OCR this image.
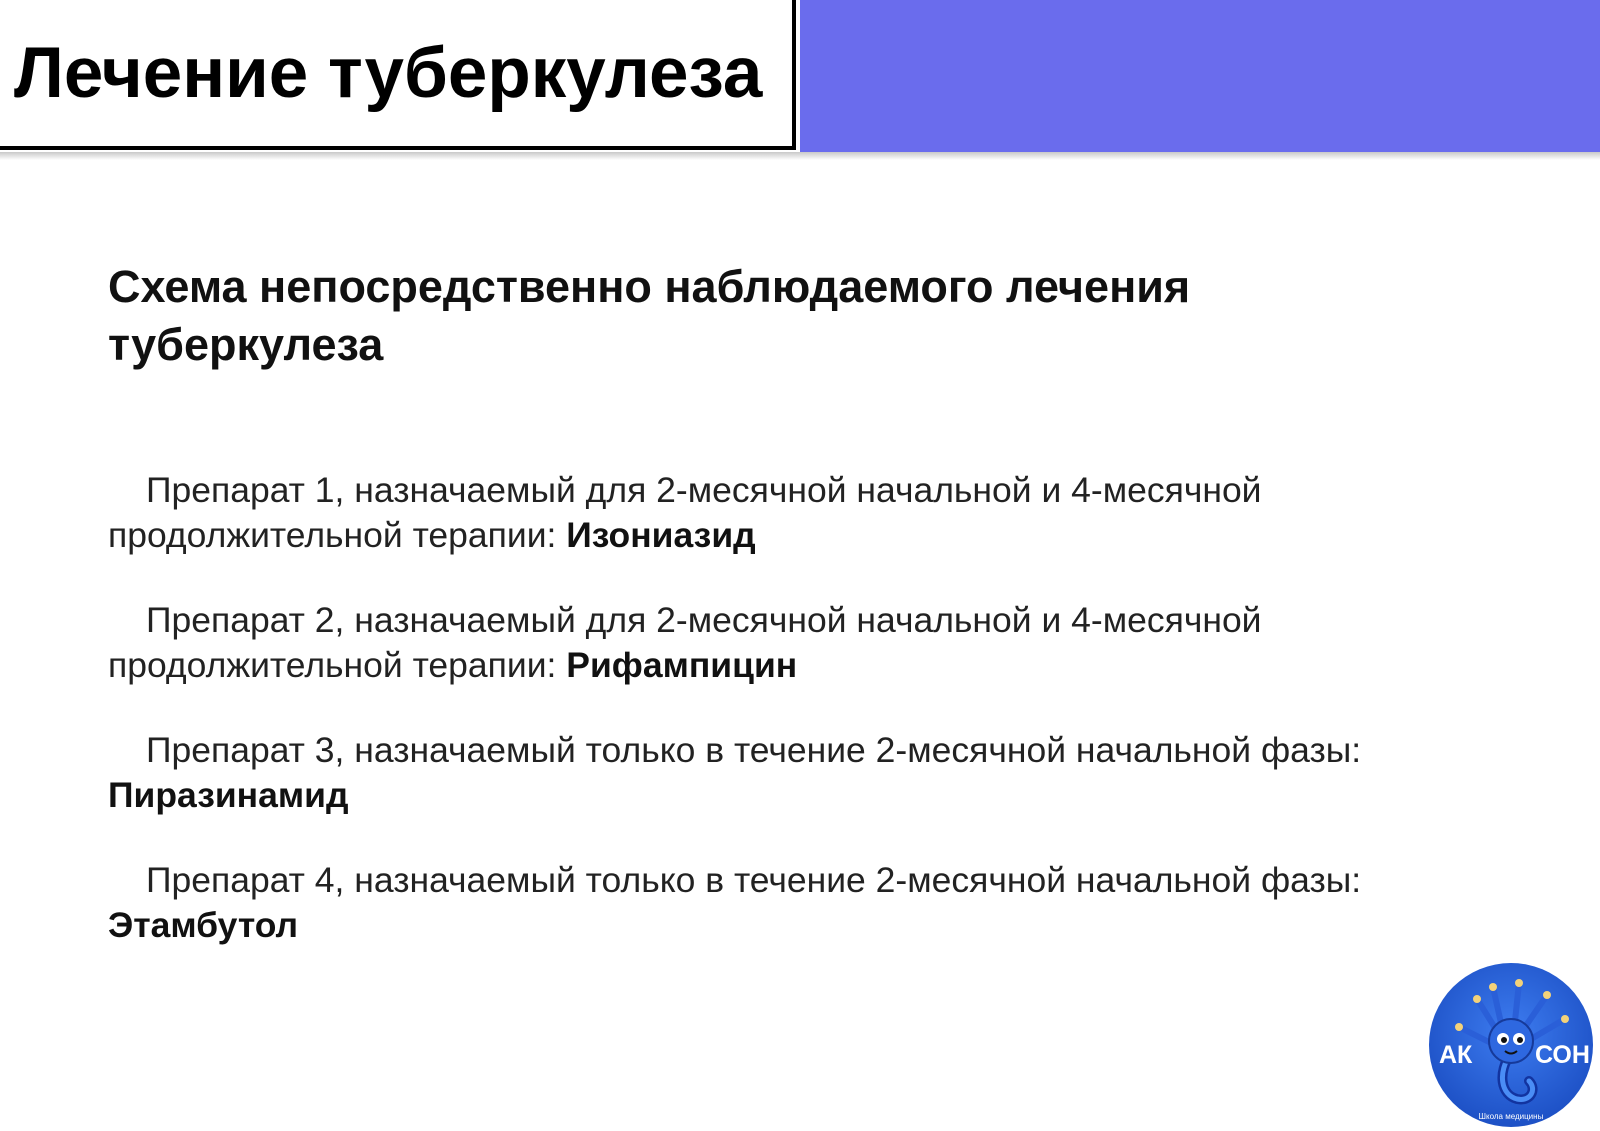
Лечение туберкулеза
Схема непосредственно наблюдаемого лечения туберкулеза

Препарат 1, назначаемый для 2-месячной начальной и 4-месячной продолжительной терапии: Изониазид

Препарат 2, назначаемый для 2-месячной начальной и 4-месячной продолжительной терапии: Рифампицин

Препарат 3, назначаемый только в течение 2-месячной начальной фазы: Пиразинамид

Препарат 4, назначаемый только в течение 2-месячной начальной фазы: Этамбутол

АК	СОН
Школа медицины
